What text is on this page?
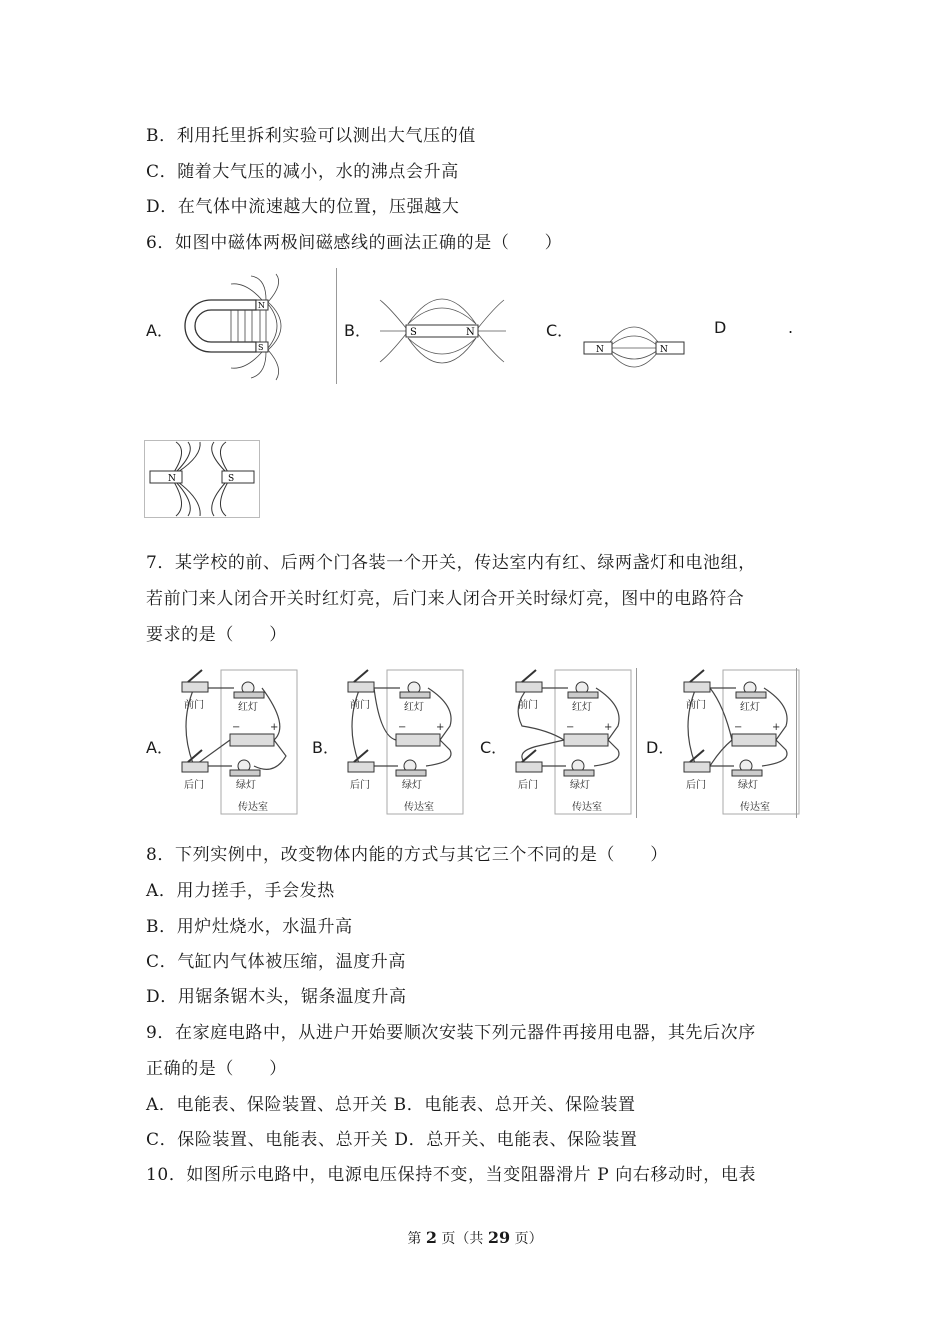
B．利用托里拆利实验可以测出大气压的值
C．随着大气压的减小，水的沸点会升高
D．在气体中流速越大的位置，压强越大
6．如图中磁体两极间磁感线的画法正确的是（　　）
A．	B．	C．	D	.
N
S
S	N
N	N
N	S
7．某学校的前、后两个门各装一个开关，传达室内有红、绿两盏灯和电池组，
若前门来人闭合开关时红灯亮，后门来人闭合开关时绿灯亮，图中的电路符合
要求的是（　　）
A．	B．	C．	D．
前门	红灯
后门	绿灯
−	+
传达室
前门	红灯
后门	绿灯
−	+
传达室
前门	红灯
后门	绿灯
−	+
传达室
前门	红灯
后门	绿灯
−	+
传达室
8．下列实例中，改变物体内能的方式与其它三个不同的是（　　）
A．用力搓手，手会发热
B．用炉灶烧水，水温升高
C．气缸内气体被压缩，温度升高
D．用锯条锯木头，锯条温度升高
9．在家庭电路中，从进户开始要顺次安装下列元器件再接用电器，其先后次序
正确的是（　　）
A．电能表、保险装置、总开关 B．电能表、总开关、保险装置
C．保险装置、电能表、总开关 D．总开关、电能表、保险装置
10．如图所示电路中，电源电压保持不变，当变阻器滑片 P 向右移动时，电表
第 2 页（共 29 页）
